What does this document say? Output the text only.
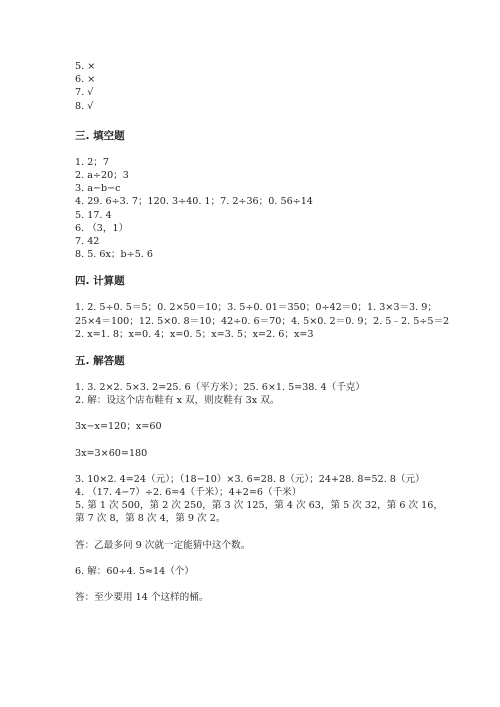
5. ×
6. ×
7. √
8. √
三. 填空题
1. 2；7
2. a÷20；3
3. a−b−c
4. 29. 6÷3. 7；120. 3÷40. 1；7. 2÷36；0. 56÷14
5. 17. 4
6. （3，1）
7. 42
8. 5. 6x；b÷5. 6
四. 计算题
1. 2. 5÷0. 5＝5；0. 2×50＝10；3. 5÷0. 01＝350；0÷42＝0；1. 3×3＝3. 9；
25×4＝100；12. 5×0. 8＝10；42÷0. 6＝70；4. 5×0. 2＝0. 9；2. 5﹣2. 5÷5＝2
2. x=1. 8；x=0. 4；x=0. 5；x=3. 5；x=2. 6；x=3
五. 解答题
1. 3. 2×2. 5×3. 2=25. 6（平方米）；25. 6×1. 5=38. 4（千克）
2. 解：设这个店布鞋有 x 双，则皮鞋有 3x 双。
3x−x=120；x=60
3x=3×60=180
3. 10×2. 4=24（元）；（18−10）×3. 6=28. 8（元）；24+28. 8=52. 8（元）
4. （17. 4−7）÷2. 6=4（千米）；4+2=6（千米）
5. 第 1 次 500，第 2 次 250，第 3 次 125，第 4 次 63，第 5 次 32，第 6 次 16，
第 7 次 8，第 8 次 4，第 9 次 2。
答：乙最多问 9 次就一定能猜中这个数。
6. 解：60÷4. 5≈14（个）
答：至少要用 14 个这样的桶。
